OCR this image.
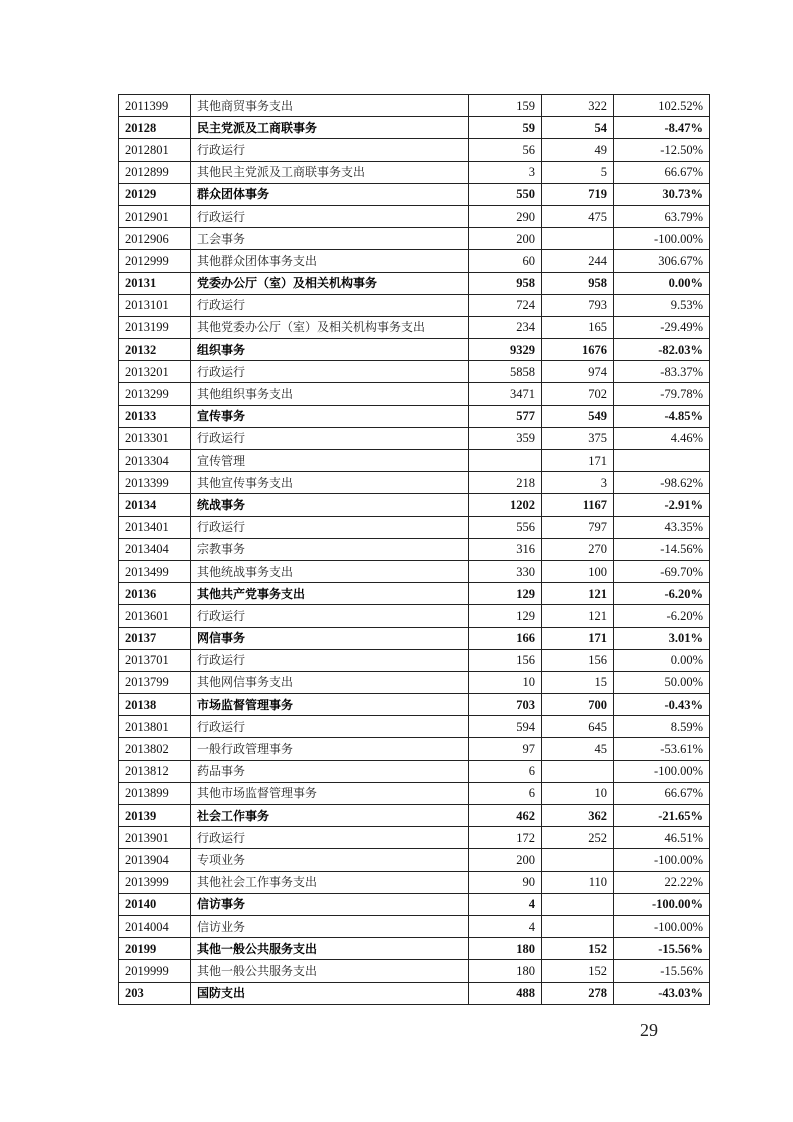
2011399	其他商贸事务支出	159	322	102.52%
20128	民主党派及工商联事务	59	54	-8.47%
2012801	行政运行	56	49	-12.50%
2012899	其他民主党派及工商联事务支出	3	5	66.67%
20129	群众团体事务	550	719	30.73%
2012901	行政运行	290	475	63.79%
2012906	工会事务	200		-100.00%
2012999	其他群众团体事务支出	60	244	306.67%
20131	党委办公厅（室）及相关机构事务	958	958	0.00%
2013101	行政运行	724	793	9.53%
2013199	其他党委办公厅（室）及相关机构事务支出	234	165	-29.49%
20132	组织事务	9329	1676	-82.03%
2013201	行政运行	5858	974	-83.37%
2013299	其他组织事务支出	3471	702	-79.78%
20133	宣传事务	577	549	-4.85%
2013301	行政运行	359	375	4.46%
2013304	宣传管理		171	
2013399	其他宣传事务支出	218	3	-98.62%
20134	统战事务	1202	1167	-2.91%
2013401	行政运行	556	797	43.35%
2013404	宗教事务	316	270	-14.56%
2013499	其他统战事务支出	330	100	-69.70%
20136	其他共产党事务支出	129	121	-6.20%
2013601	行政运行	129	121	-6.20%
20137	网信事务	166	171	3.01%
2013701	行政运行	156	156	0.00%
2013799	其他网信事务支出	10	15	50.00%
20138	市场监督管理事务	703	700	-0.43%
2013801	行政运行	594	645	8.59%
2013802	一般行政管理事务	97	45	-53.61%
2013812	药品事务	6		-100.00%
2013899	其他市场监督管理事务	6	10	66.67%
20139	社会工作事务	462	362	-21.65%
2013901	行政运行	172	252	46.51%
2013904	专项业务	200		-100.00%
2013999	其他社会工作事务支出	90	110	22.22%
20140	信访事务	4		-100.00%
2014004	信访业务	4		-100.00%
20199	其他一般公共服务支出	180	152	-15.56%
2019999	其他一般公共服务支出	180	152	-15.56%
203	国防支出	488	278	-43.03%
29
